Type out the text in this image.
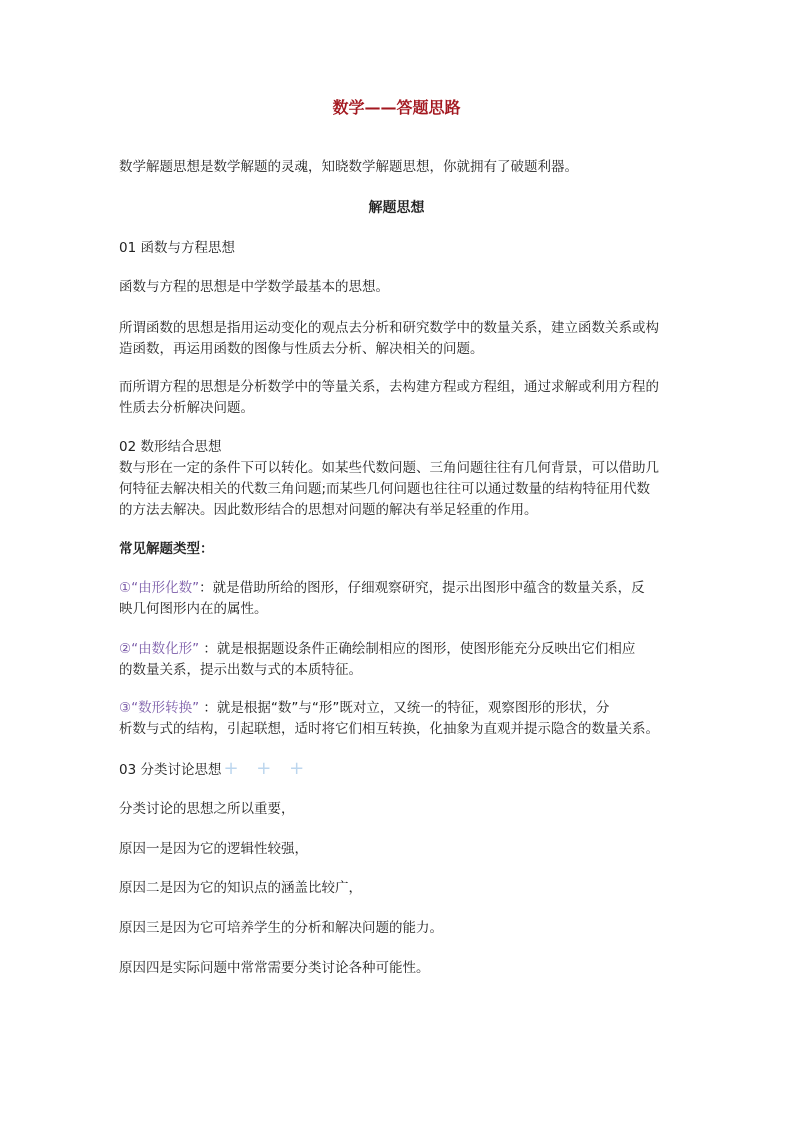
数学——答题思路
数学解题思想是数学解题的灵魂，知晓数学解题思想，你就拥有了破题利器。
解题思想
01 函数与方程思想
函数与方程的思想是中学数学最基本的思想。
所谓函数的思想是指用运动变化的观点去分析和研究数学中的数量关系，建立函数关系或构
造函数，再运用函数的图像与性质去分析、解决相关的问题。
而所谓方程的思想是分析数学中的等量关系，去构建方程或方程组，通过求解或利用方程的
性质去分析解决问题。
02 数形结合思想
数与形在一定的条件下可以转化。如某些代数问题、三角问题往往有几何背景，可以借助几
何特征去解决相关的代数三角问题;而某些几何问题也往往可以通过数量的结构特征用代数
的方法去解决。因此数形结合的思想对问题的解决有举足轻重的作用。
常见解题类型：
①“由形化数”：就是借助所给的图形，仔细观察研究，提示出图形中蕴含的数量关系，反
映几何图形内在的属性。
②“由数化形” ：就是根据题设条件正确绘制相应的图形，使图形能充分反映出它们相应
的数量关系，提示出数与式的本质特征。
③“数形转换” ：就是根据“数”与“形”既对立，又统一的特征，观察图形的形状，分
析数与式的结构，引起联想，适时将它们相互转换，化抽象为直观并提示隐含的数量关系。
03 分类讨论思想 + + +
分类讨论的思想之所以重要，
原因一是因为它的逻辑性较强，
原因二是因为它的知识点的涵盖比较广，
原因三是因为它可培养学生的分析和解决问题的能力。
原因四是实际问题中常常需要分类讨论各种可能性。
